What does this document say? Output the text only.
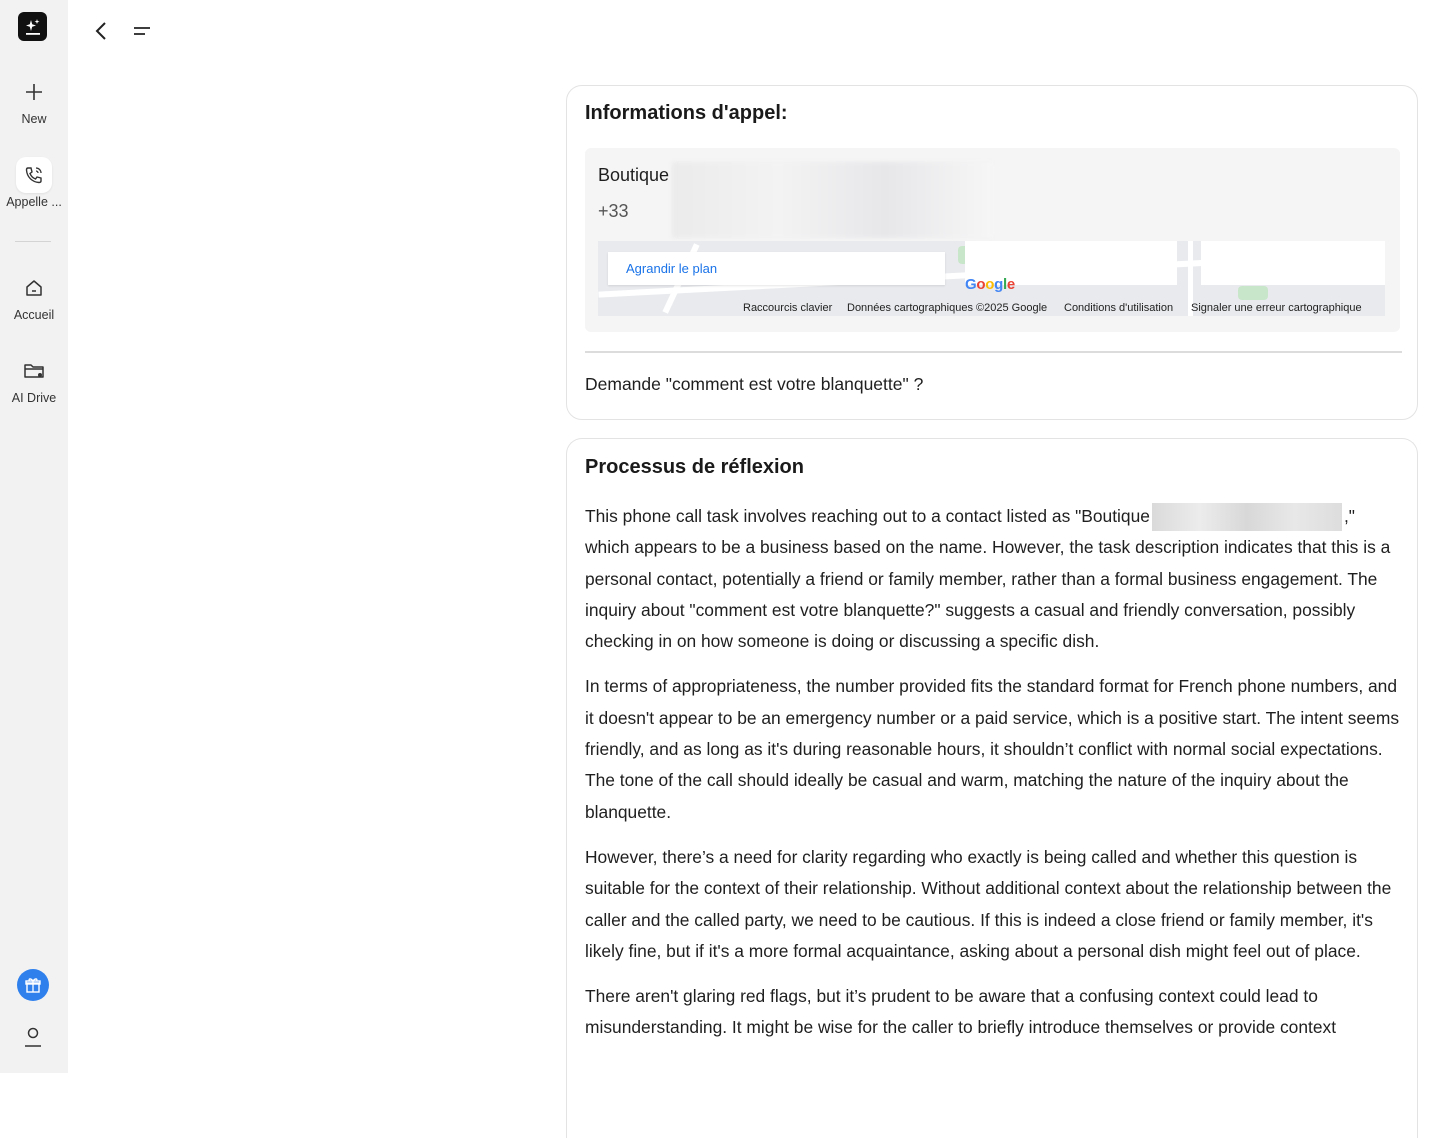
New
Appelle ...
Accueil
AI Drive
Informations d'appel:
Boutique
+33
Agrandir le plan
Google
Raccourcis clavier Données cartographiques ©2025 Google Conditions d'utilisation Signaler une erreur cartographique
Demande "comment est votre blanquette" ?
Processus de réflexion

This phone call task involves reaching out to a contact listed as "Boutique	," which appears to be a business based on the name. However, the task description indicates that this is a personal contact, potentially a friend or family member, rather than a formal business engagement. The inquiry about "comment est votre blanquette?" suggests a casual and friendly conversation, possibly checking in on how someone is doing or discussing a specific dish.

In terms of appropriateness, the number provided fits the standard format for French phone numbers, and it doesn't appear to be an emergency number or a paid service, which is a positive start. The intent seems friendly, and as long as it's during reasonable hours, it shouldn’t conflict with normal social expectations. The tone of the call should ideally be casual and warm, matching the nature of the inquiry about the blanquette.

However, there’s a need for clarity regarding who exactly is being called and whether this question is suitable for the context of their relationship. Without additional context about the relationship between the caller and the called party, we need to be cautious. If this is indeed a close friend or family member, it's likely fine, but if it's a more formal acquaintance, asking about a personal dish might feel out of place.

There aren't glaring red flags, but it’s prudent to be aware that a confusing context could lead to misunderstanding. It might be wise for the caller to briefly introduce themselves or provide context
